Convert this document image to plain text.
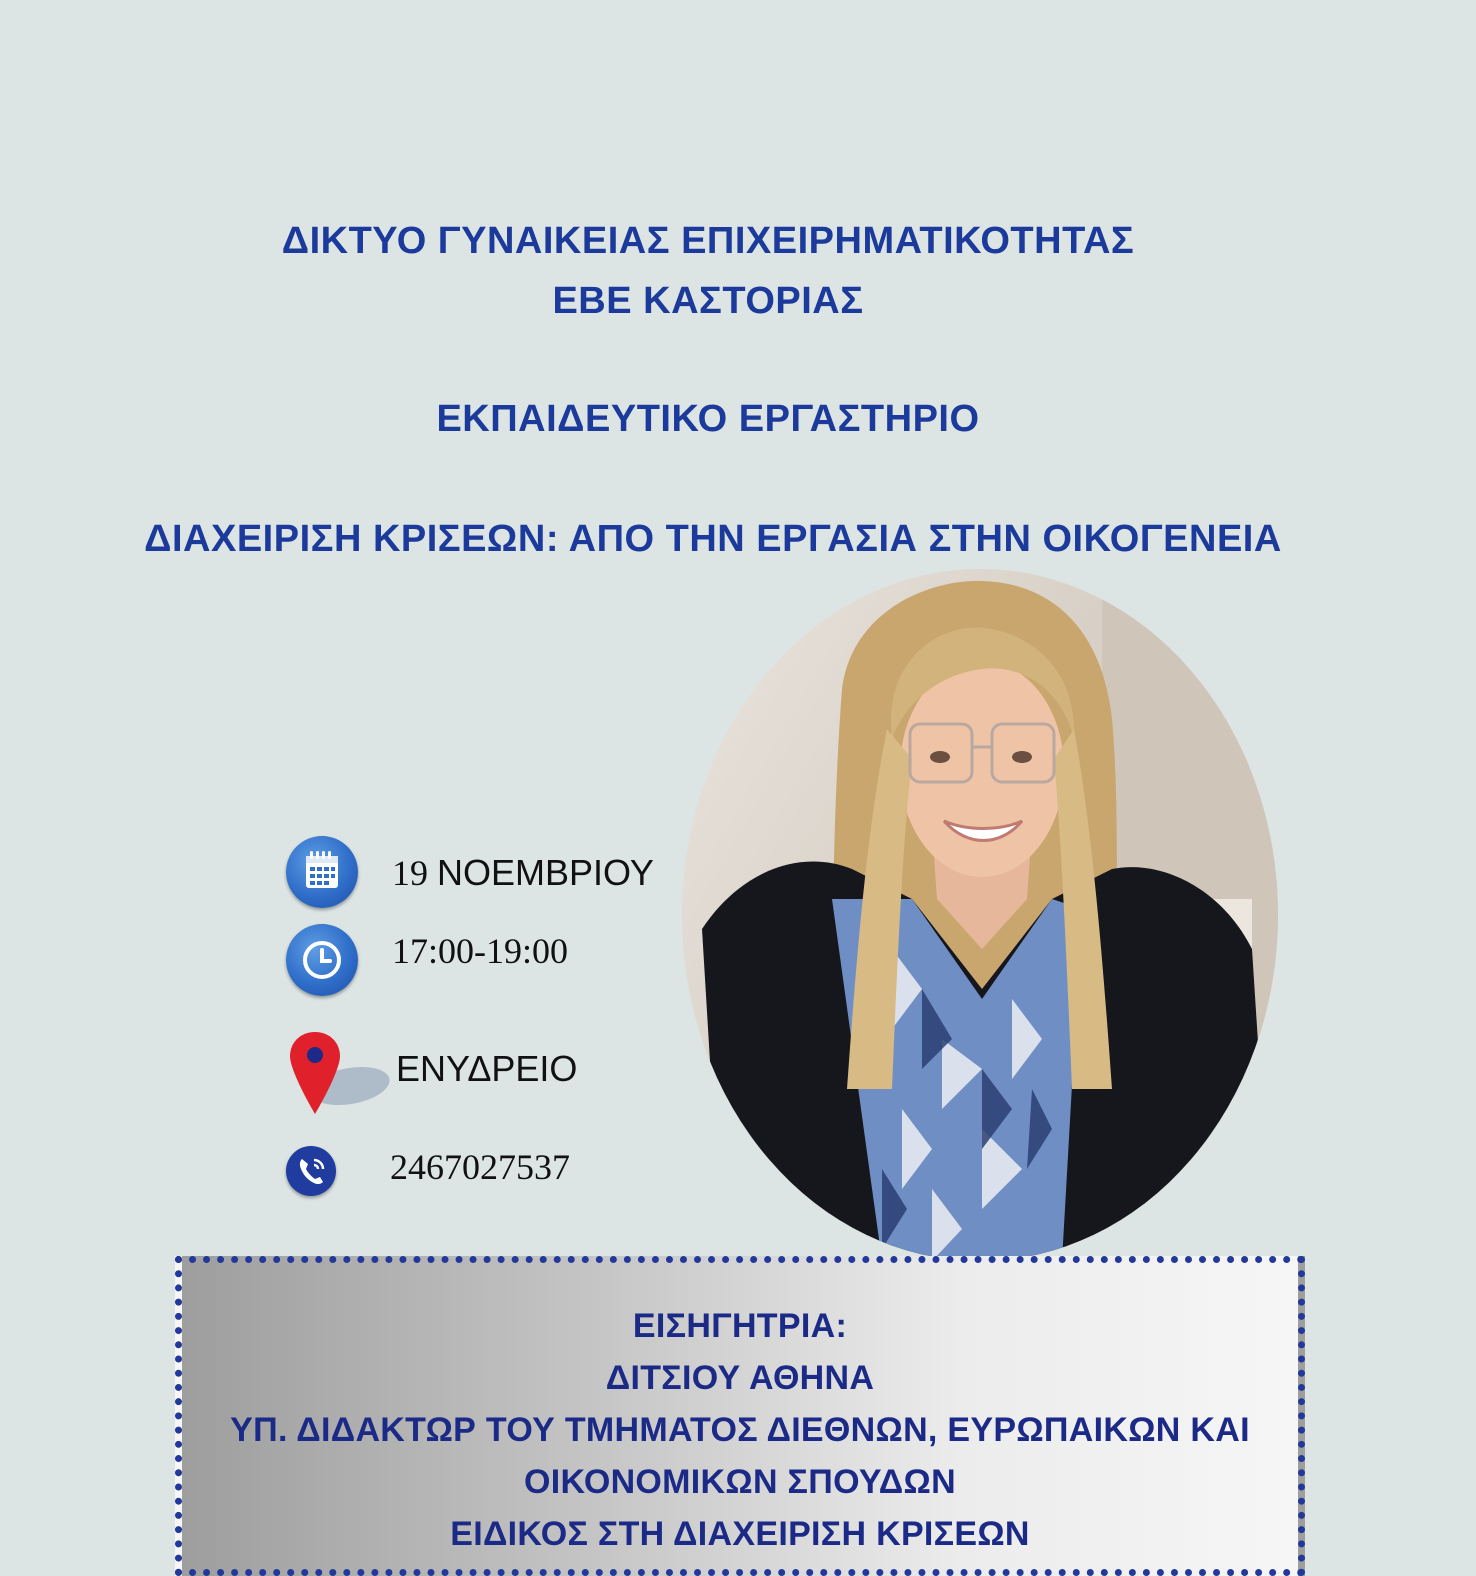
ΔΙΚΤΥΟ ΓΥΝΑΙΚΕΙΑΣ ΕΠΙΧΕΙΡΗΜΑΤΙΚΟΤΗΤΑΣ
ΕΒΕ ΚΑΣΤΟΡΙΑΣ
ΕΚΠΑΙΔΕΥΤΙΚΟ ΕΡΓΑΣΤΗΡΙΟ
ΔΙΑΧΕΙΡΙΣΗ ΚΡΙΣΕΩΝ: ΑΠΟ ΤΗΝ ΕΡΓΑΣΙΑ ΣΤΗΝ ΟΙΚΟΓΕΝΕΙΑ
19 ΝΟΕΜΒΡΙΟΥ
17:00-19:00
ΕΝΥΔΡΕΙΟ
2467027537
ΕΙΣΗΓΗΤΡΙΑ:
ΔΙΤΣΙΟΥ ΑΘΗΝΑ
ΥΠ. ΔΙΔΑΚΤΩΡ ΤΟΥ ΤΜΗΜΑΤΟΣ ΔΙΕΘΝΩΝ, ΕΥΡΩΠΑΙΚΩΝ ΚΑΙ
ΟΙΚΟΝΟΜΙΚΩΝ ΣΠΟΥΔΩΝ
ΕΙΔΙΚΟΣ ΣΤΗ ΔΙΑΧΕΙΡΙΣΗ ΚΡΙΣΕΩΝ
